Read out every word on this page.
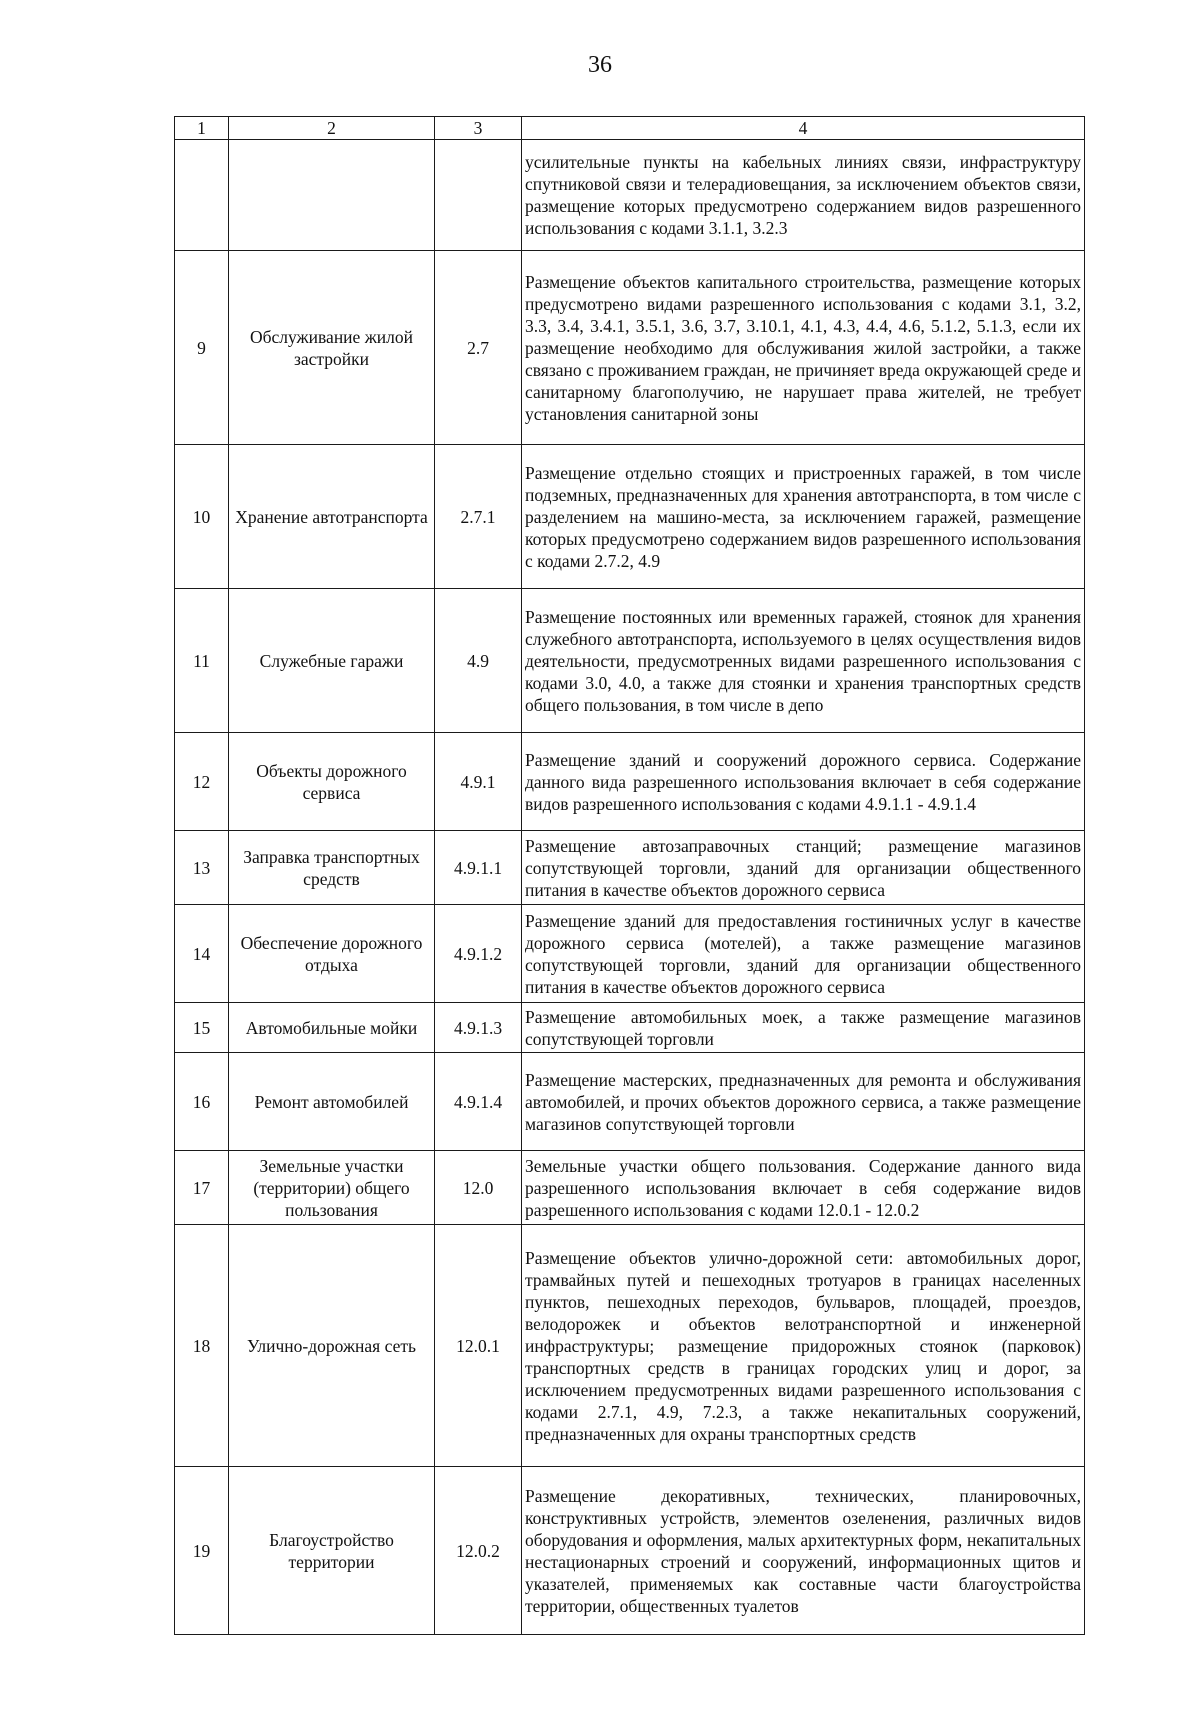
36
1	2	3	4
			усилительные пункты на кабельных линиях связи, инфраструктуру спутниковой связи и телерадиовещания, за исключением объектов связи, размещение которых предусмотрено содержанием видов разрешенного использования с кодами 3.1.1, 3.2.3
9	Обслуживание жилой застройки	2.7	Размещение объектов капитального строительства, размещение которых предусмотрено видами разрешенного использования с кодами 3.1, 3.2, 3.3, 3.4, 3.4.1, 3.5.1, 3.6, 3.7, 3.10.1, 4.1, 4.3, 4.4, 4.6, 5.1.2, 5.1.3, если их размещение необходимо для обслуживания жилой застройки, а также связано с проживанием граждан, не причиняет вреда окружающей среде и санитарному благополучию, не нарушает права жителей, не требует установления санитарной зоны
10	Хранение автотранспорта	2.7.1	Размещение отдельно стоящих и пристроенных гаражей, в том числе подземных, предназначенных для хранения автотранспорта, в том числе с разделением на машино-места, за исключением гаражей, размещение которых предусмотрено содержанием видов разрешенного использования с кодами 2.7.2, 4.9
11	Служебные гаражи	4.9	Размещение постоянных или временных гаражей, стоянок для хранения служебного автотранспорта, используемого в целях осуществления видов деятельности, предусмотренных видами разрешенного использования с кодами 3.0, 4.0, а также для стоянки и хранения транспортных средств общего пользования, в том числе в депо
12	Объекты дорожного сервиса	4.9.1	Размещение зданий и сооружений дорожного сервиса. Содержание данного вида разрешенного использования включает в себя содержание видов разрешенного использования с кодами 4.9.1.1 - 4.9.1.4
13	Заправка транспортных средств	4.9.1.1	Размещение автозаправочных станций; размещение магазинов сопутствующей торговли, зданий для организации общественного питания в качестве объектов дорожного сервиса
14	Обеспечение дорожного отдыха	4.9.1.2	Размещение зданий для предоставления гостиничных услуг в качестве дорожного сервиса (мотелей), а также размещение магазинов сопутствующей торговли, зданий для организации общественного питания в качестве объектов дорожного сервиса
15	Автомобильные мойки	4.9.1.3	Размещение автомобильных моек, а также размещение магазинов сопутствующей торговли
16	Ремонт автомобилей	4.9.1.4	Размещение мастерских, предназначенных для ремонта и обслуживания автомобилей, и прочих объектов дорожного сервиса, а также размещение магазинов сопутствующей торговли
17	Земельные участки (территории) общего пользования	12.0	Земельные участки общего пользования. Содержание данного вида разрешенного использования включает в себя содержание видов разрешенного использования с кодами 12.0.1 - 12.0.2
18	Улично-дорожная сеть	12.0.1	Размещение объектов улично-дорожной сети: автомобильных дорог, трамвайных путей и пешеходных тротуаров в границах населенных пунктов, пешеходных переходов, бульваров, площадей, проездов, велодорожек и объектов велотранспортной и инженерной инфраструктуры; размещение придорожных стоянок (парковок) транспортных средств в границах городских улиц и дорог, за исключением предусмотренных видами разрешенного использования с кодами 2.7.1, 4.9, 7.2.3, а также некапитальных сооружений, предназначенных для охраны транспортных средств
19	Благоустройство территории	12.0.2	Размещение декоративных, технических, планировочных, конструктивных устройств, элементов озеленения, различных видов оборудования и оформления, малых архитектурных форм, некапитальных нестационарных строений и сооружений, информационных щитов и указателей, применяемых как составные части благоустройства территории, общественных туалетов
